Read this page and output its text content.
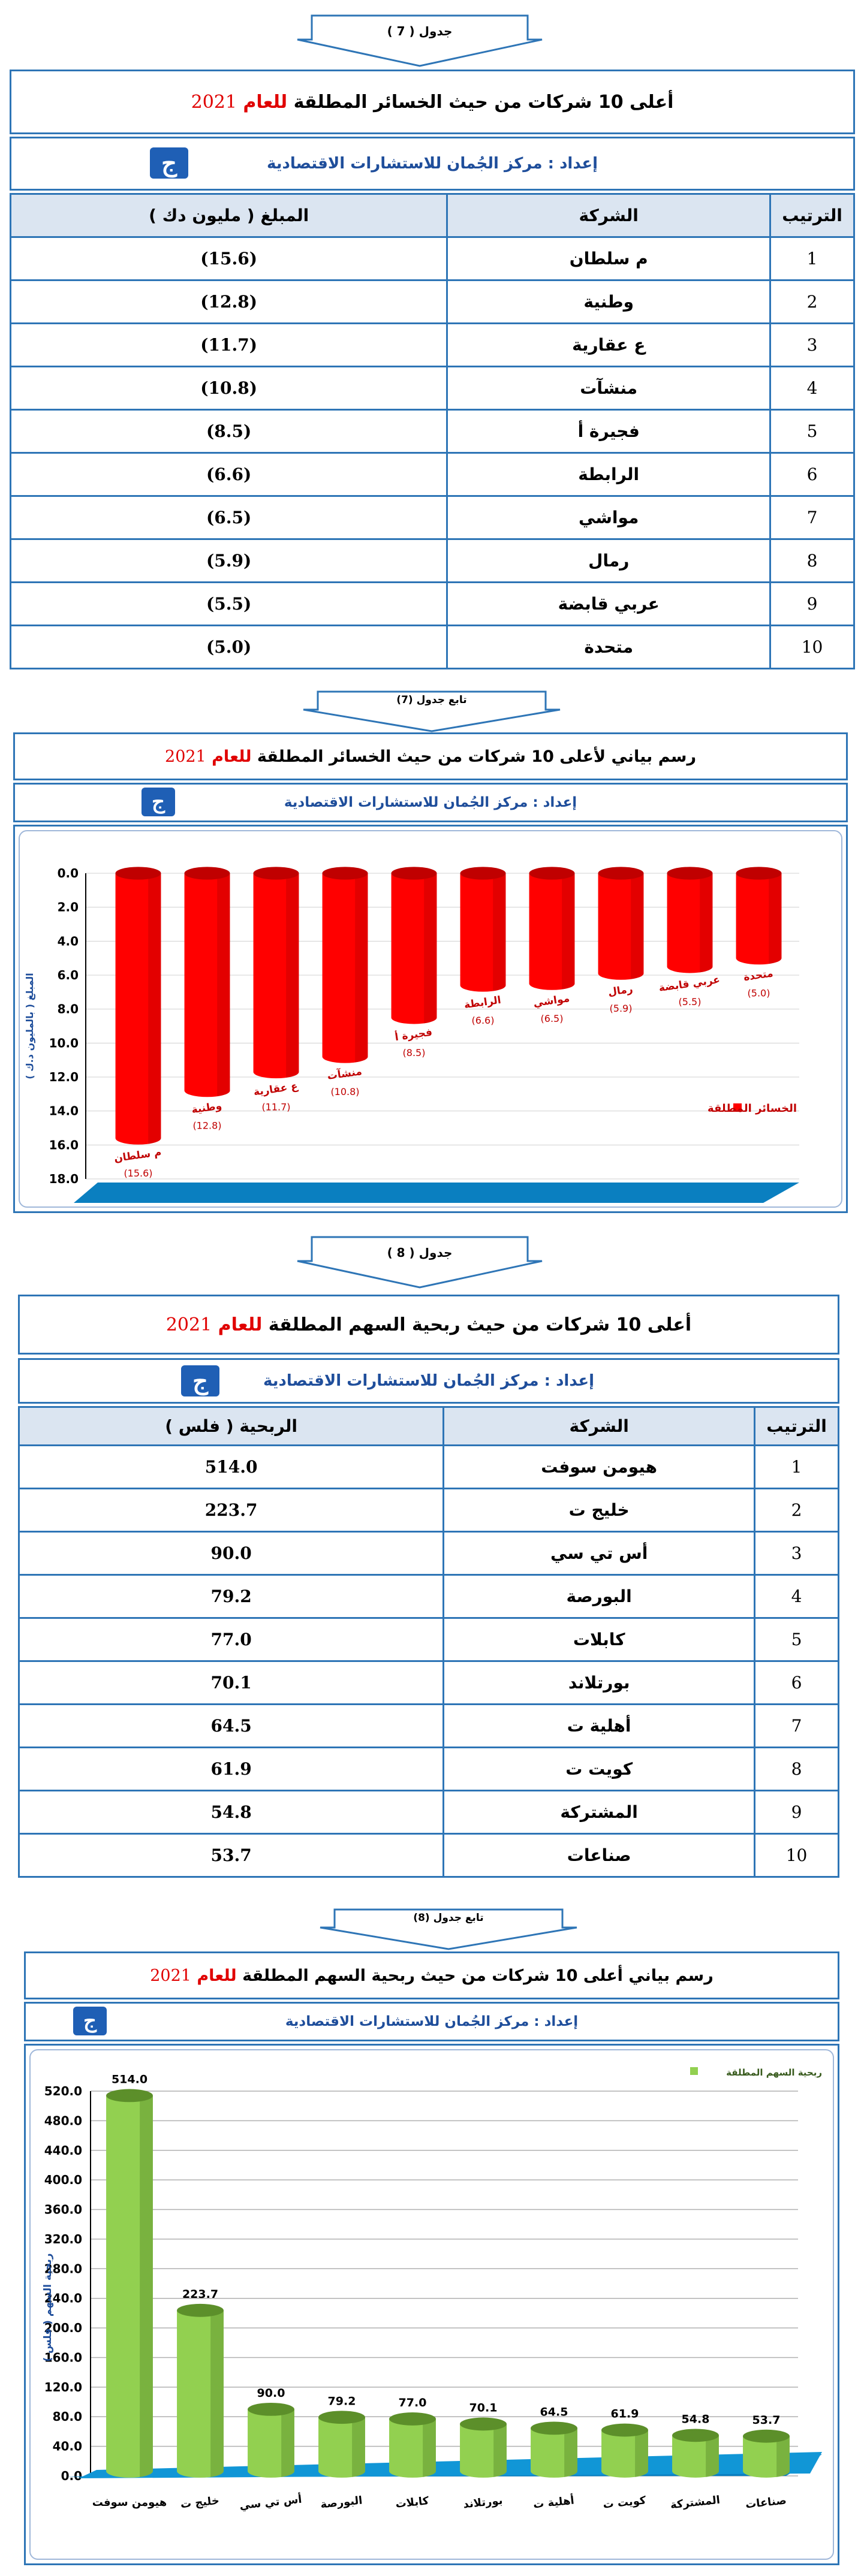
جدول ( 7 )
أعلى 10 شركات من حيث الخسائر المطلقة

للعام

2021
إعداد : مركز الجُمان للاستشارات الاقتصادية
ج
الترتيب	الشركة	المبلغ ( مليون دك )
1	م سلطان	(15.6)
2	وطنية	(12.8)
3	ع عقارية	(11.7)
4	منشآت	(10.8)
5	فجيرة أ	(8.5)
6	الرابطة	(6.6)
7	مواشي	(6.5)
8	رمال	(5.9)
9	عربي قابضة	(5.5)
10	متحدة	(5.0)
تابع جدول (7)
رسم بياني لأعلى 10 شركات من حيث الخسائر المطلقة

للعام

2021
إعداد : مركز الجُمان للاستشارات الاقتصادية
ج
0.0
2.0
4.0
6.0
8.0
10.0
12.0
14.0
16.0
18.0
المبلغ ( بالمليون د.ك )
م سلطان
(15.6)
وطنية
(12.8)
ع عقارية
(11.7)
منشآت
(10.8)
فجيرة أ
(8.5)
الرابطة
(6.6)
مواشي
(6.5)
رمال
(5.9)
عربي قابضة
(5.5)
متحدة
(5.0)
الخسائر المطلقة
جدول ( 8 )
أعلى 10 شركات من حيث ربحية السهم المطلقة

للعام

2021
إعداد : مركز الجُمان للاستشارات الاقتصادية
ج
الترتيب	الشركة	الربحية ( فلس )
1	هيومن سوفت	514.0
2	خليج ت	223.7
3	أس تي سي	90.0
4	البورصة	79.2
5	كابلات	77.0
6	بورتلاند	70.1
7	أهلية ت	64.5
8	كويت ت	61.9
9	المشتركة	54.8
10	صناعات	53.7
تابع جدول (8)
رسم بياني أعلى 10 شركات من حيث ربحية السهم المطلقة

للعام

2021
إعداد : مركز الجُمان للاستشارات الاقتصادية
ج
0.0
40.0
80.0
120.0
160.0
200.0
240.0
280.0
320.0
360.0
400.0
440.0
480.0
520.0
ربحية السهم ( فلس )
514.0
هيومن سوفت
223.7
خليج ت
90.0
أس تي سي
79.2
البورصة
77.0
كابلات
70.1
بورتلاند
64.5
أهلية ت
61.9
كويت ت
54.8
المشتركة
53.7
صناعات
ربحية السهم المطلقة
